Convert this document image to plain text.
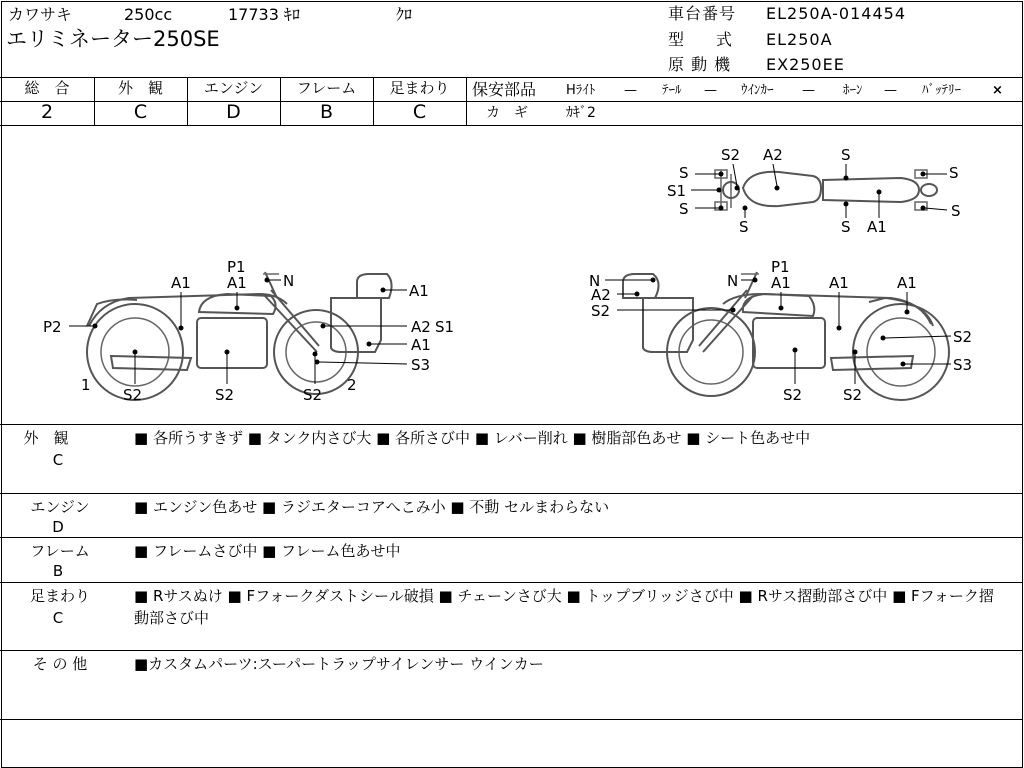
カワサキ	250cc	17733 ｷﾛ	ｸﾛ
エリミネーター250SE
車台番号 EL250A-014454
型　　式 EL250A
原 動 機 EX250EE
総　合
2
外　観
C
エンジン
D
フレーム
B
足まわり
C
保安部品 Hﾗｲﾄ — ﾃｰﾙ — ｳｲﾝｶｰ — ﾎｰﾝ — ﾊﾞｯﾃﾘｰ ×
カ　ギ	ｶｷﾞ2
S2 A2	S
S
S1
S
S	S
S
A1
S
P1
A1 A1 N
A1
P2	A2 S1
A1
S3
1
S2	S2	S2
2
N	N
P1
A1	A1	A1
A2
S2
S2
S3
S2	S2
外　観
C
■ 各所うすきず ■ タンク内さび大 ■ 各所さび中 ■ レバー削れ ■ 樹脂部色あせ ■ シート色あせ中
エンジン
D
■ エンジン色あせ ■ ラジエターコアへこみ小 ■ 不動 セルまわらない
フレーム
B
■ フレームさび中 ■ フレーム色あせ中
足まわり
C
■ Rサスぬけ ■ Fフォークダストシール破損 ■ チェーンさび大 ■ トップブリッジさび中 ■ Rサス摺動部さび中 ■ Fフォーク摺動部さび中
そ の 他	■カスタムパーツ:スーパートラップサイレンサー ウインカー
